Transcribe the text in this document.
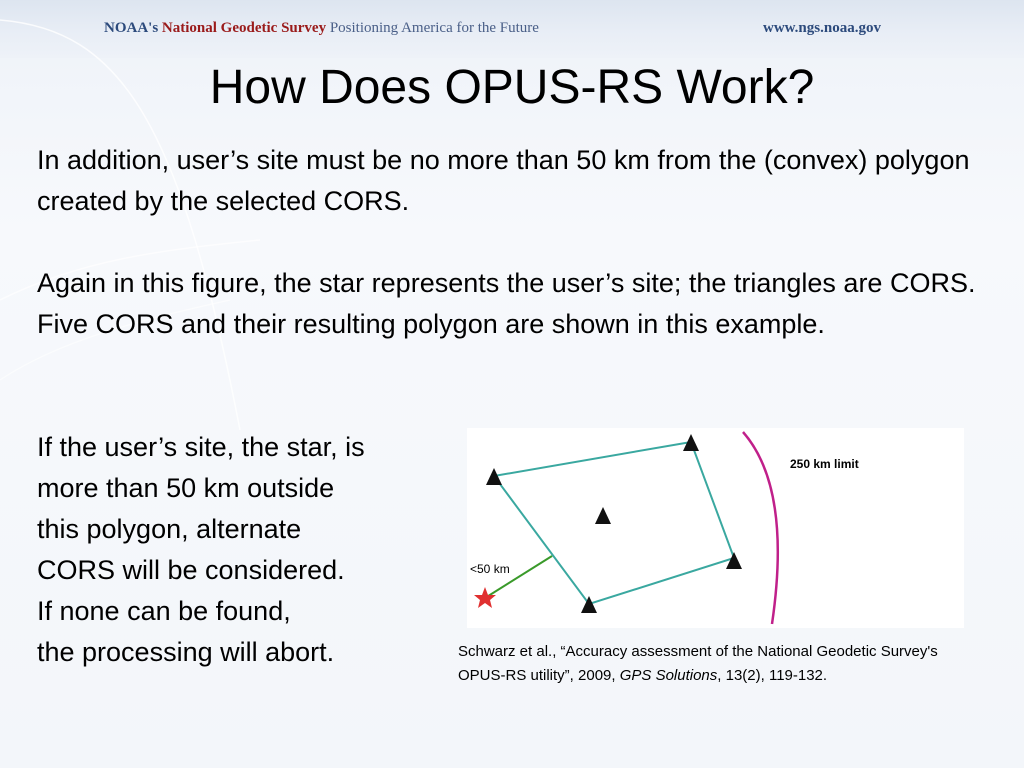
NOAA's National Geodetic Survey Positioning America for the Future	www.ngs.noaa.gov
How Does OPUS-RS Work?
In addition, user’s site must be no more than 50 km from the (convex) polygon created by the selected CORS.
Again in this figure, the star represents the user’s site; the triangles are CORS. Five CORS and their resulting polygon are shown in this example.
If the user’s site, the star, is
more than 50 km outside
this polygon, alternate
CORS will be considered.
If none can be found,
the processing will abort.
250 km limit
<50 km
Schwarz et al., “Accuracy assessment of the National Geodetic Survey's OPUS-RS utility”, 2009, GPS Solutions, 13(2), 119-132.
